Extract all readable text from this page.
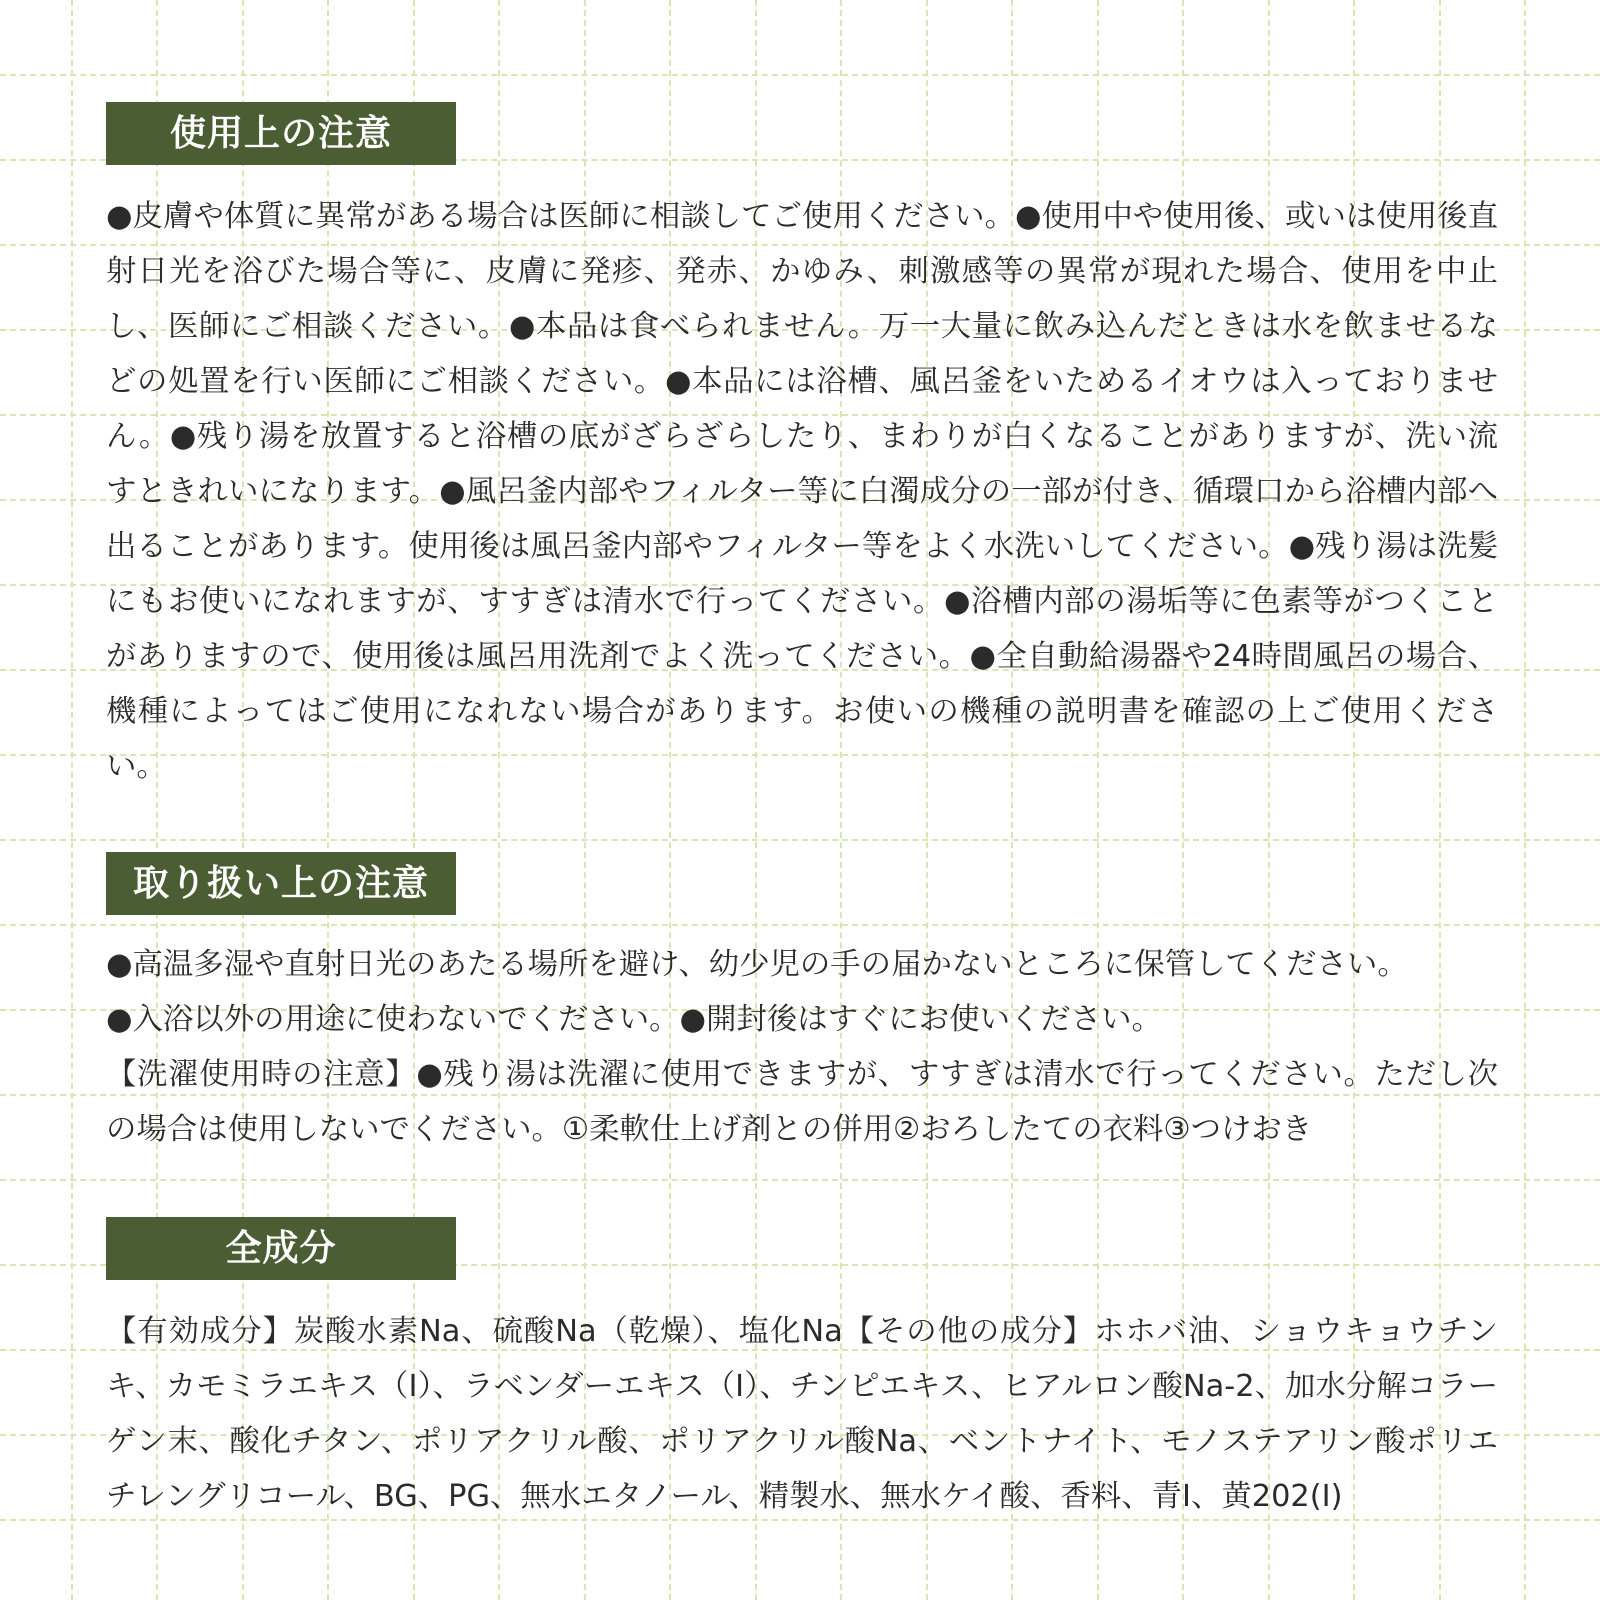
使用上の注意

●皮膚や体質に異常がある場合は医師に相談してご使用ください。●使用中や使用後、或いは使用後直射日光を浴びた場合等に、皮膚に発疹、発赤、かゆみ、刺激感等の異常が現れた場合、使用を中止し、医師にご相談ください。●本品は食べられません。万一大量に飲み込んだときは水を飲ませるなどの処置を行い医師にご相談ください。●本品には浴槽、風呂釜をいためるイオウは入っておりません。●残り湯を放置すると浴槽の底がざらざらしたり、まわりが白くなることがありますが、洗い流すときれいになります。●風呂釜内部やフィルター等に白濁成分の一部が付き、循環口から浴槽内部へ出ることがあります。使用後は風呂釜内部やフィルター等をよく水洗いしてください。●残り湯は洗髪にもお使いになれますが、すすぎは清水で行ってください。●浴槽内部の湯垢等に色素等がつくことがありますので、使用後は風呂用洗剤でよく洗ってください。●全自動給湯器や24時間風呂の場合、機種によってはご使用になれない場合があります。お使いの機種の説明書を確認の上ご使用ください。

取り扱い上の注意

●高温多湿や直射日光のあたる場所を避け、幼少児の手の届かないところに保管してください。
●入浴以外の用途に使わないでください。●開封後はすぐにお使いください。
【洗濯使用時の注意】●残り湯は洗濯に使用できますが、すすぎは清水で行ってください。ただし次の場合は使用しないでください。①柔軟仕上げ剤との併用②おろしたての衣料③つけおき

全成分

【有効成分】炭酸水素Na、硫酸Na（乾燥）、塩化Na【その他の成分】ホホバ油、ショウキョウチンキ、カモミラエキス（Ⅰ）、ラベンダーエキス（Ⅰ）、チンピエキス、ヒアルロン酸Na-2、加水分解コラーゲン末、酸化チタン、ポリアクリル酸、ポリアクリル酸Na、ベントナイト、モノステアリン酸ポリエチレングリコール、BG、PG、無水エタノール、精製水、無水ケイ酸、香料、青Ⅰ、黄202(Ⅰ)
